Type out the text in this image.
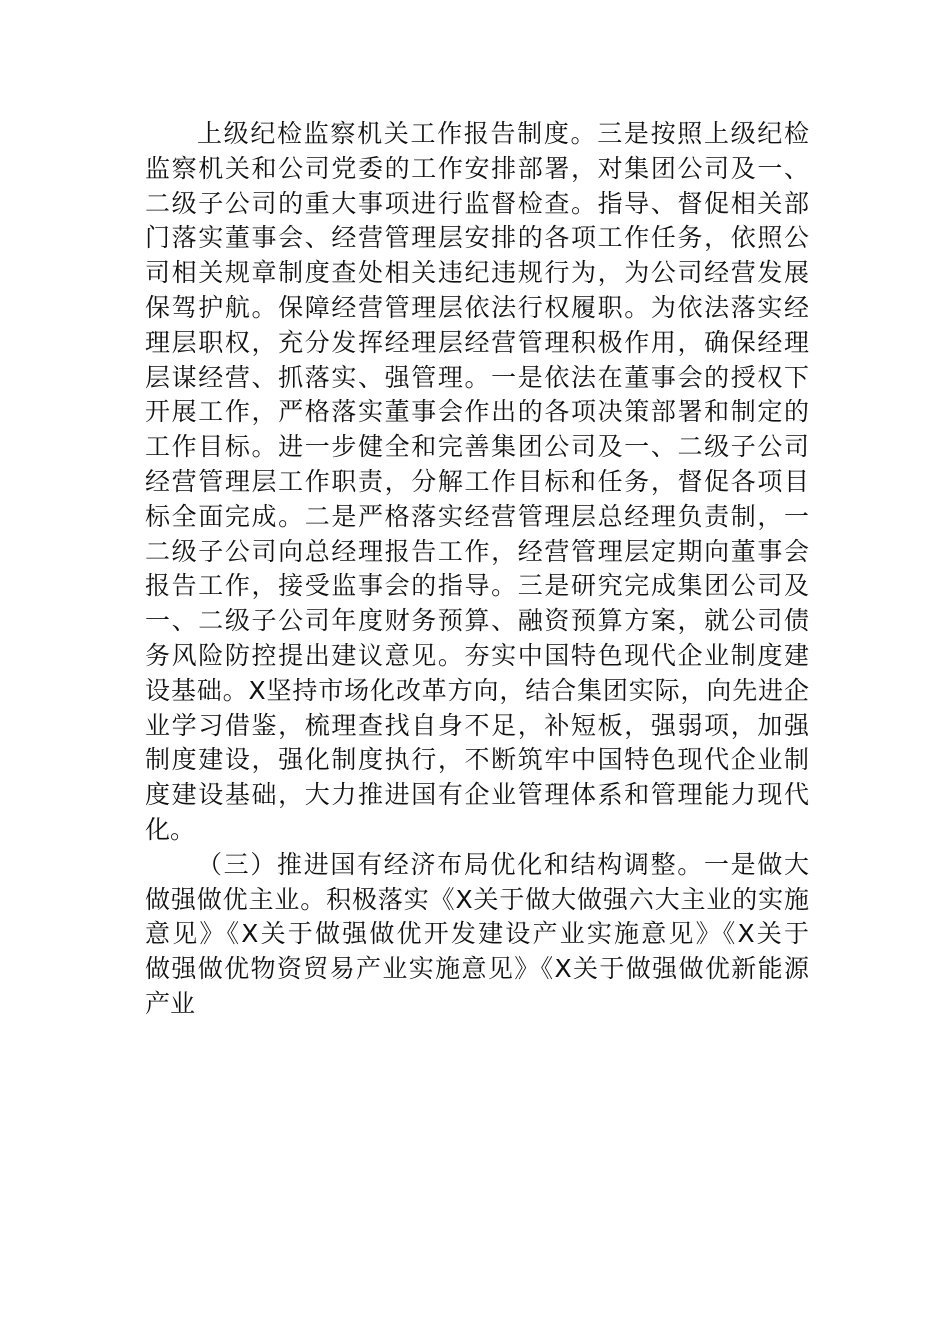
上级纪检监察机关工作报告制度。三是按照上级纪检
监察机关和公司党委的工作安排部署，对集团公司及一、
二级子公司的重大事项进行监督检查。指导、督促相关部
门落实董事会、经营管理层安排的各项工作任务，依照公
司相关规章制度查处相关违纪违规行为，为公司经营发展
保驾护航。保障经营管理层依法行权履职。为依法落实经
理层职权，充分发挥经理层经营管理积极作用，确保经理
层谋经营、抓落实、强管理。一是依法在董事会的授权下
开展工作，严格落实董事会作出的各项决策部署和制定的
工作目标。进一步健全和完善集团公司及一、二级子公司
经营管理层工作职责，分解工作目标和任务，督促各项目
标全面完成。二是严格落实经营管理层总经理负责制，一
二级子公司向总经理报告工作，经营管理层定期向董事会
报告工作，接受监事会的指导。三是研究完成集团公司及
一、二级子公司年度财务预算、融资预算方案，就公司债
务风险防控提出建议意见。夯实中国特色现代企业制度建
设基础。X坚持市场化改革方向，结合集团实际，向先进企
业学习借鉴，梳理查找自身不足，补短板，强弱项，加强
制度建设，强化制度执行，不断筑牢中国特色现代企业制
度建设基础，大力推进国有企业管理体系和管理能力现代
化。
（三）推进国有经济布局优化和结构调整。一是做大
做强做优主业。积极落实《X关于做大做强六大主业的实施
意见》《X关于做强做优开发建设产业实施意见》《X关于
做强做优物资贸易产业实施意见》《X关于做强做优新能源
产业
